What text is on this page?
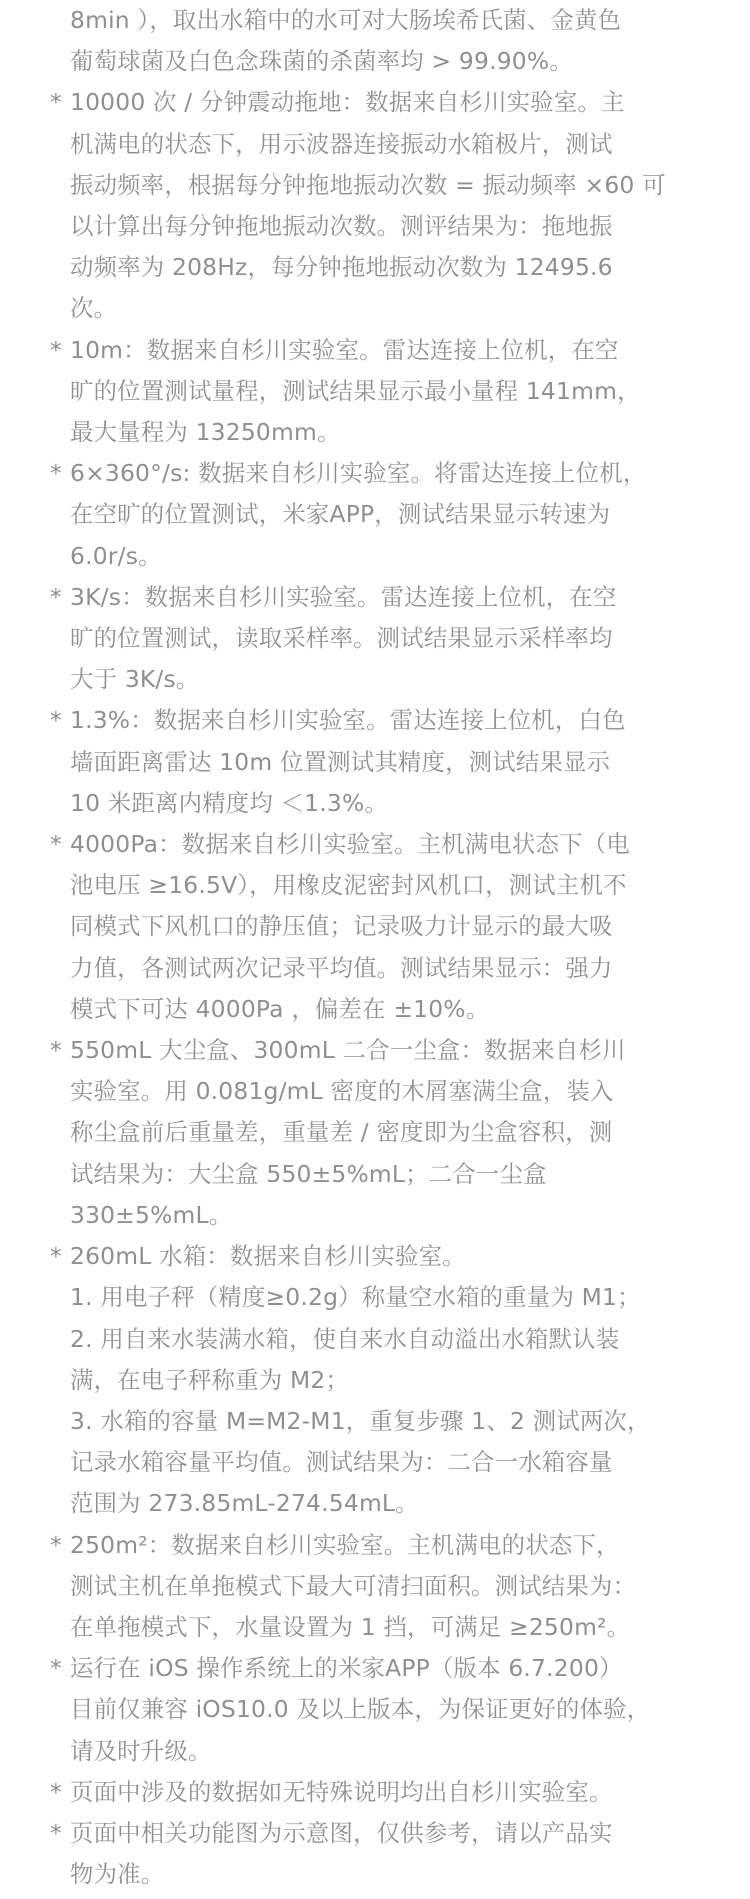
8min ），取出水箱中的水可对大肠埃希氏菌、金黄色
葡萄球菌及白色念珠菌的杀菌率均 > 99.90%。
* 10000 次 / 分钟震动拖地：数据来自杉川实验室。主
机满电的状态下，用示波器连接振动水箱极片，测试
振动频率，根据每分钟拖地振动次数 = 振动频率 ×60 可
以计算出每分钟拖地振动次数。测评结果为：拖地振
动频率为 208Hz，每分钟拖地振动次数为 12495.6
次。
* 10m：数据来自杉川实验室。雷达连接上位机，在空
旷的位置测试量程，测试结果显示最小量程 141mm，
最大量程为 13250mm。
* 6×360°/s: 数据来自杉川实验室。将雷达连接上位机，
在空旷的位置测试，米家APP，测试结果显示转速为
6.0r/s。
* 3K/s：数据来自杉川实验室。雷达连接上位机，在空
旷的位置测试，读取采样率。测试结果显示采样率均
大于 3K/s。
* 1.3%：数据来自杉川实验室。雷达连接上位机，白色
墙面距离雷达 10m 位置测试其精度，测试结果显示
10 米距离内精度均 ＜1.3%。
* 4000Pa：数据来自杉川实验室。主机满电状态下（电
池电压 ≥16.5V），用橡皮泥密封风机口，测试主机不
同模式下风机口的静压值；记录吸力计显示的最大吸
力值，各测试两次记录平均值。测试结果显示：强力
模式下可达 4000Pa ，偏差在 ±10%。
* 550mL 大尘盒、300mL 二合一尘盒：数据来自杉川
实验室。用 0.081g/mL 密度的木屑塞满尘盒，装入
称尘盒前后重量差，重量差 / 密度即为尘盒容积，测
试结果为：大尘盒 550±5%mL；二合一尘盒
330±5%mL。
* 260mL 水箱：数据来自杉川实验室。
1. 用电子秤（精度≥0.2g）称量空水箱的重量为 M1；
2. 用自来水装满水箱，使自来水自动溢出水箱默认装
满，在电子秤称重为 M2；
3. 水箱的容量 M=M2-M1，重复步骤 1、2 测试两次，
记录水箱容量平均值。测试结果为：二合一水箱容量
范围为 273.85mL-274.54mL。
* 250m²：数据来自杉川实验室。主机满电的状态下，
测试主机在单拖模式下最大可清扫面积。测试结果为：
在单拖模式下，水量设置为 1 挡，可满足 ≥250m²。
* 运行在 iOS 操作系统上的米家APP（版本 6.7.200）
目前仅兼容 iOS10.0 及以上版本，为保证更好的体验，
请及时升级。
* 页面中涉及的数据如无特殊说明均出自杉川实验室。
* 页面中相关功能图为示意图，仅供参考，请以产品实
物为准。
